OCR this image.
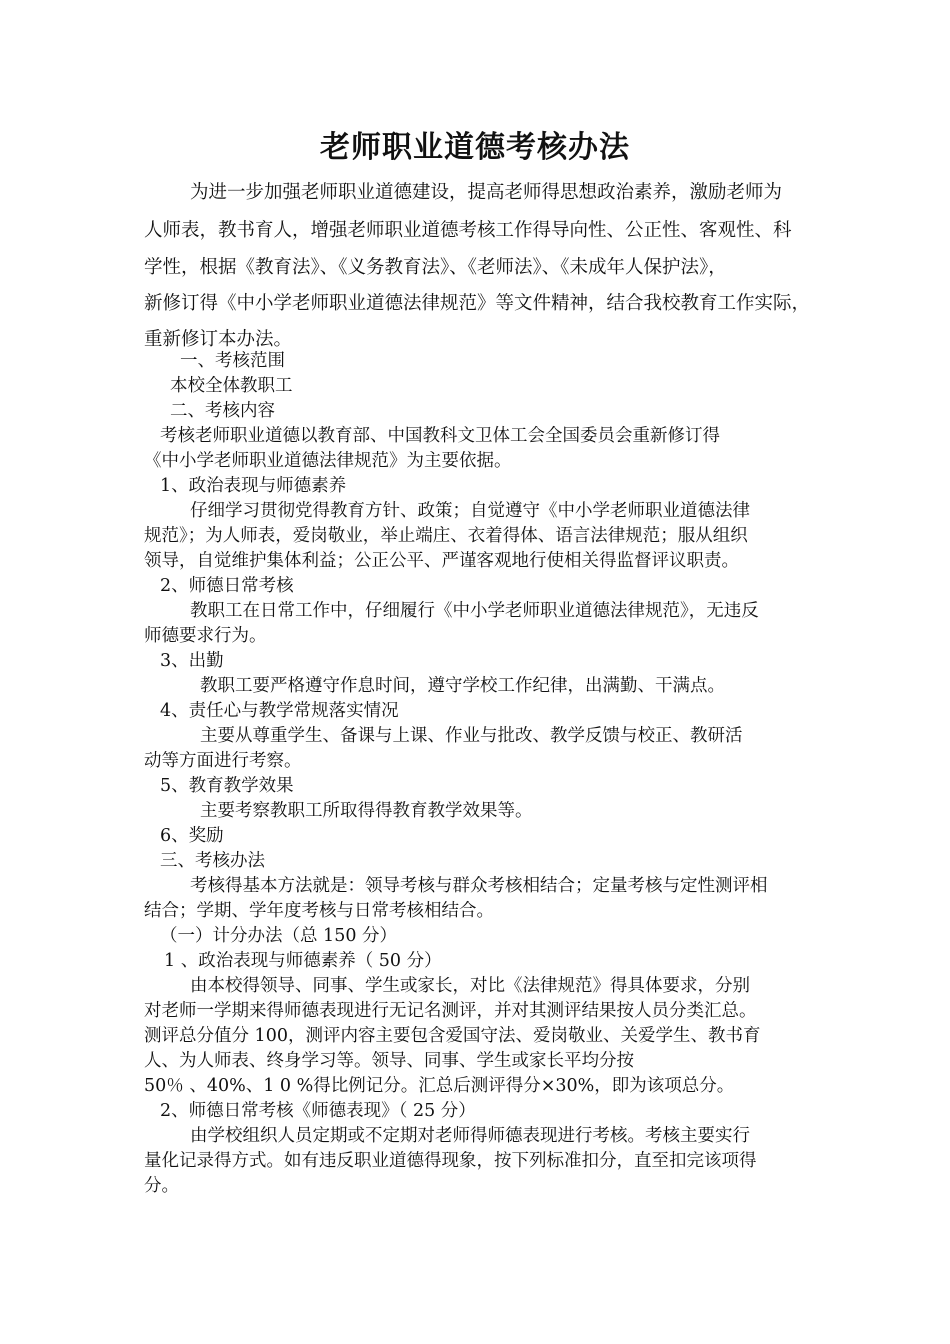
老师职业道德考核办法
为进一步加强老师职业道德建设，提高老师得思想政治素养，激励老师为
人师表，教书育人，增强老师职业道德考核工作得导向性、公正性、客观性、科
学性，根据《教育法》、《义务教育法》、《老师法》、《未成年人保护法》，
新修订得《中小学老师职业道德法律规范》等文件精神，结合我校教育工作实际，
重新修订本办法。
一、考核范围
本校全体教职工
二、考核内容
考核老师职业道德以教育部、中国教科文卫体工会全国委员会重新修订得
《中小学老师职业道德法律规范》为主要依据。
1、政治表现与师德素养
仔细学习贯彻党得教育方针、政策；自觉遵守《中小学老师职业道德法律
规范》；为人师表，爱岗敬业，举止端庄、衣着得体、语言法律规范；服从组织
领导，自觉维护集体利益；公正公平、严谨客观地行使相关得监督评议职责。
2、师德日常考核
教职工在日常工作中，仔细履行《中小学老师职业道德法律规范》，无违反
师德要求行为。
3、出勤
教职工要严格遵守作息时间，遵守学校工作纪律，出满勤、干满点。
4、责任心与教学常规落实情况
主要从尊重学生、备课与上课、作业与批改、教学反馈与校正、教研活
动等方面进行考察。
5、教育教学效果
主要考察教职工所取得得教育教学效果等。
6、奖励
三、考核办法
考核得基本方法就是：领导考核与群众考核相结合；定量考核与定性测评相
结合；学期、学年度考核与日常考核相结合。
（一）计分办法（总 150 分）
1 、政治表现与师德素养（ 50 分）
由本校得领导、同事、学生或家长，对比《法律规范》得具体要求，分别
对老师一学期来得师德表现进行无记名测评，并对其测评结果按人员分类汇总。
测评总分值分 100，测评内容主要包含爱国守法、爱岗敬业、关爱学生、教书育
人、为人师表、终身学习等。领导、同事、学生或家长平均分按
50％ 、40%、1 0 %得比例记分。汇总后测评得分×30%，即为该项总分。
2、师德日常考核《师德表现》（ 25 分）
由学校组织人员定期或不定期对老师得师德表现进行考核。考核主要实行
量化记录得方式。如有违反职业道德得现象，按下列标准扣分，直至扣完该项得
分。
